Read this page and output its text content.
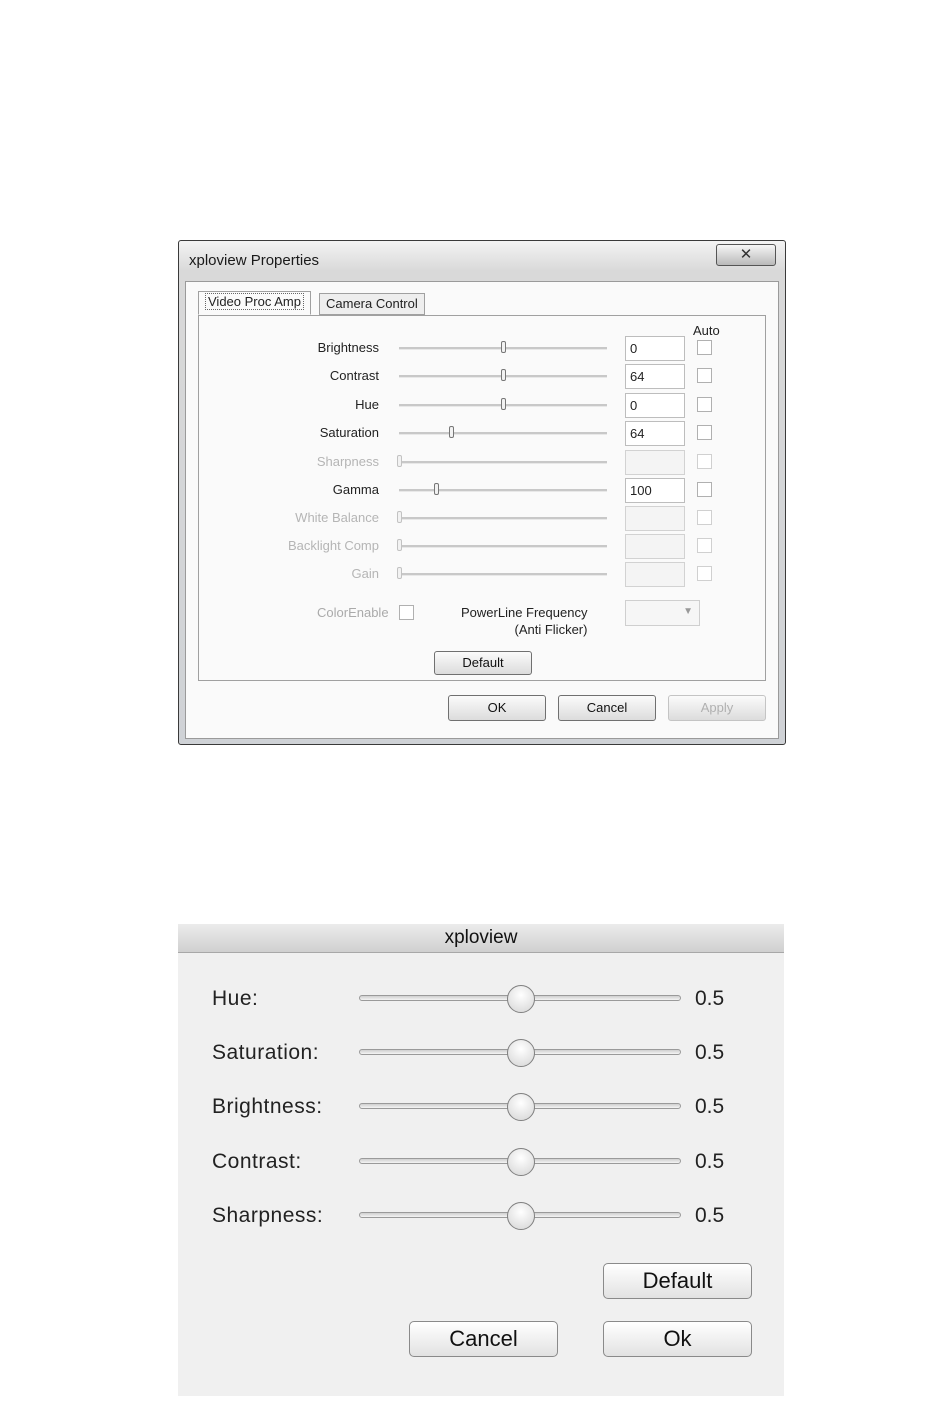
xploview Properties	✕
Video Proc Amp	Camera Control
Auto
Brightness	0
Contrast	64
Hue	0
Saturation	64
Sharpness
Gamma	100
White Balance
Backlight Comp
Gain
ColorEnable	PowerLine Frequency
(Anti Flicker)
▼
Default
OK	Cancel	Apply
xploview
Hue:	0.5
Saturation:	0.5
Brightness:	0.5
Contrast:	0.5
Sharpness:	0.5
Default
Cancel	Ok
